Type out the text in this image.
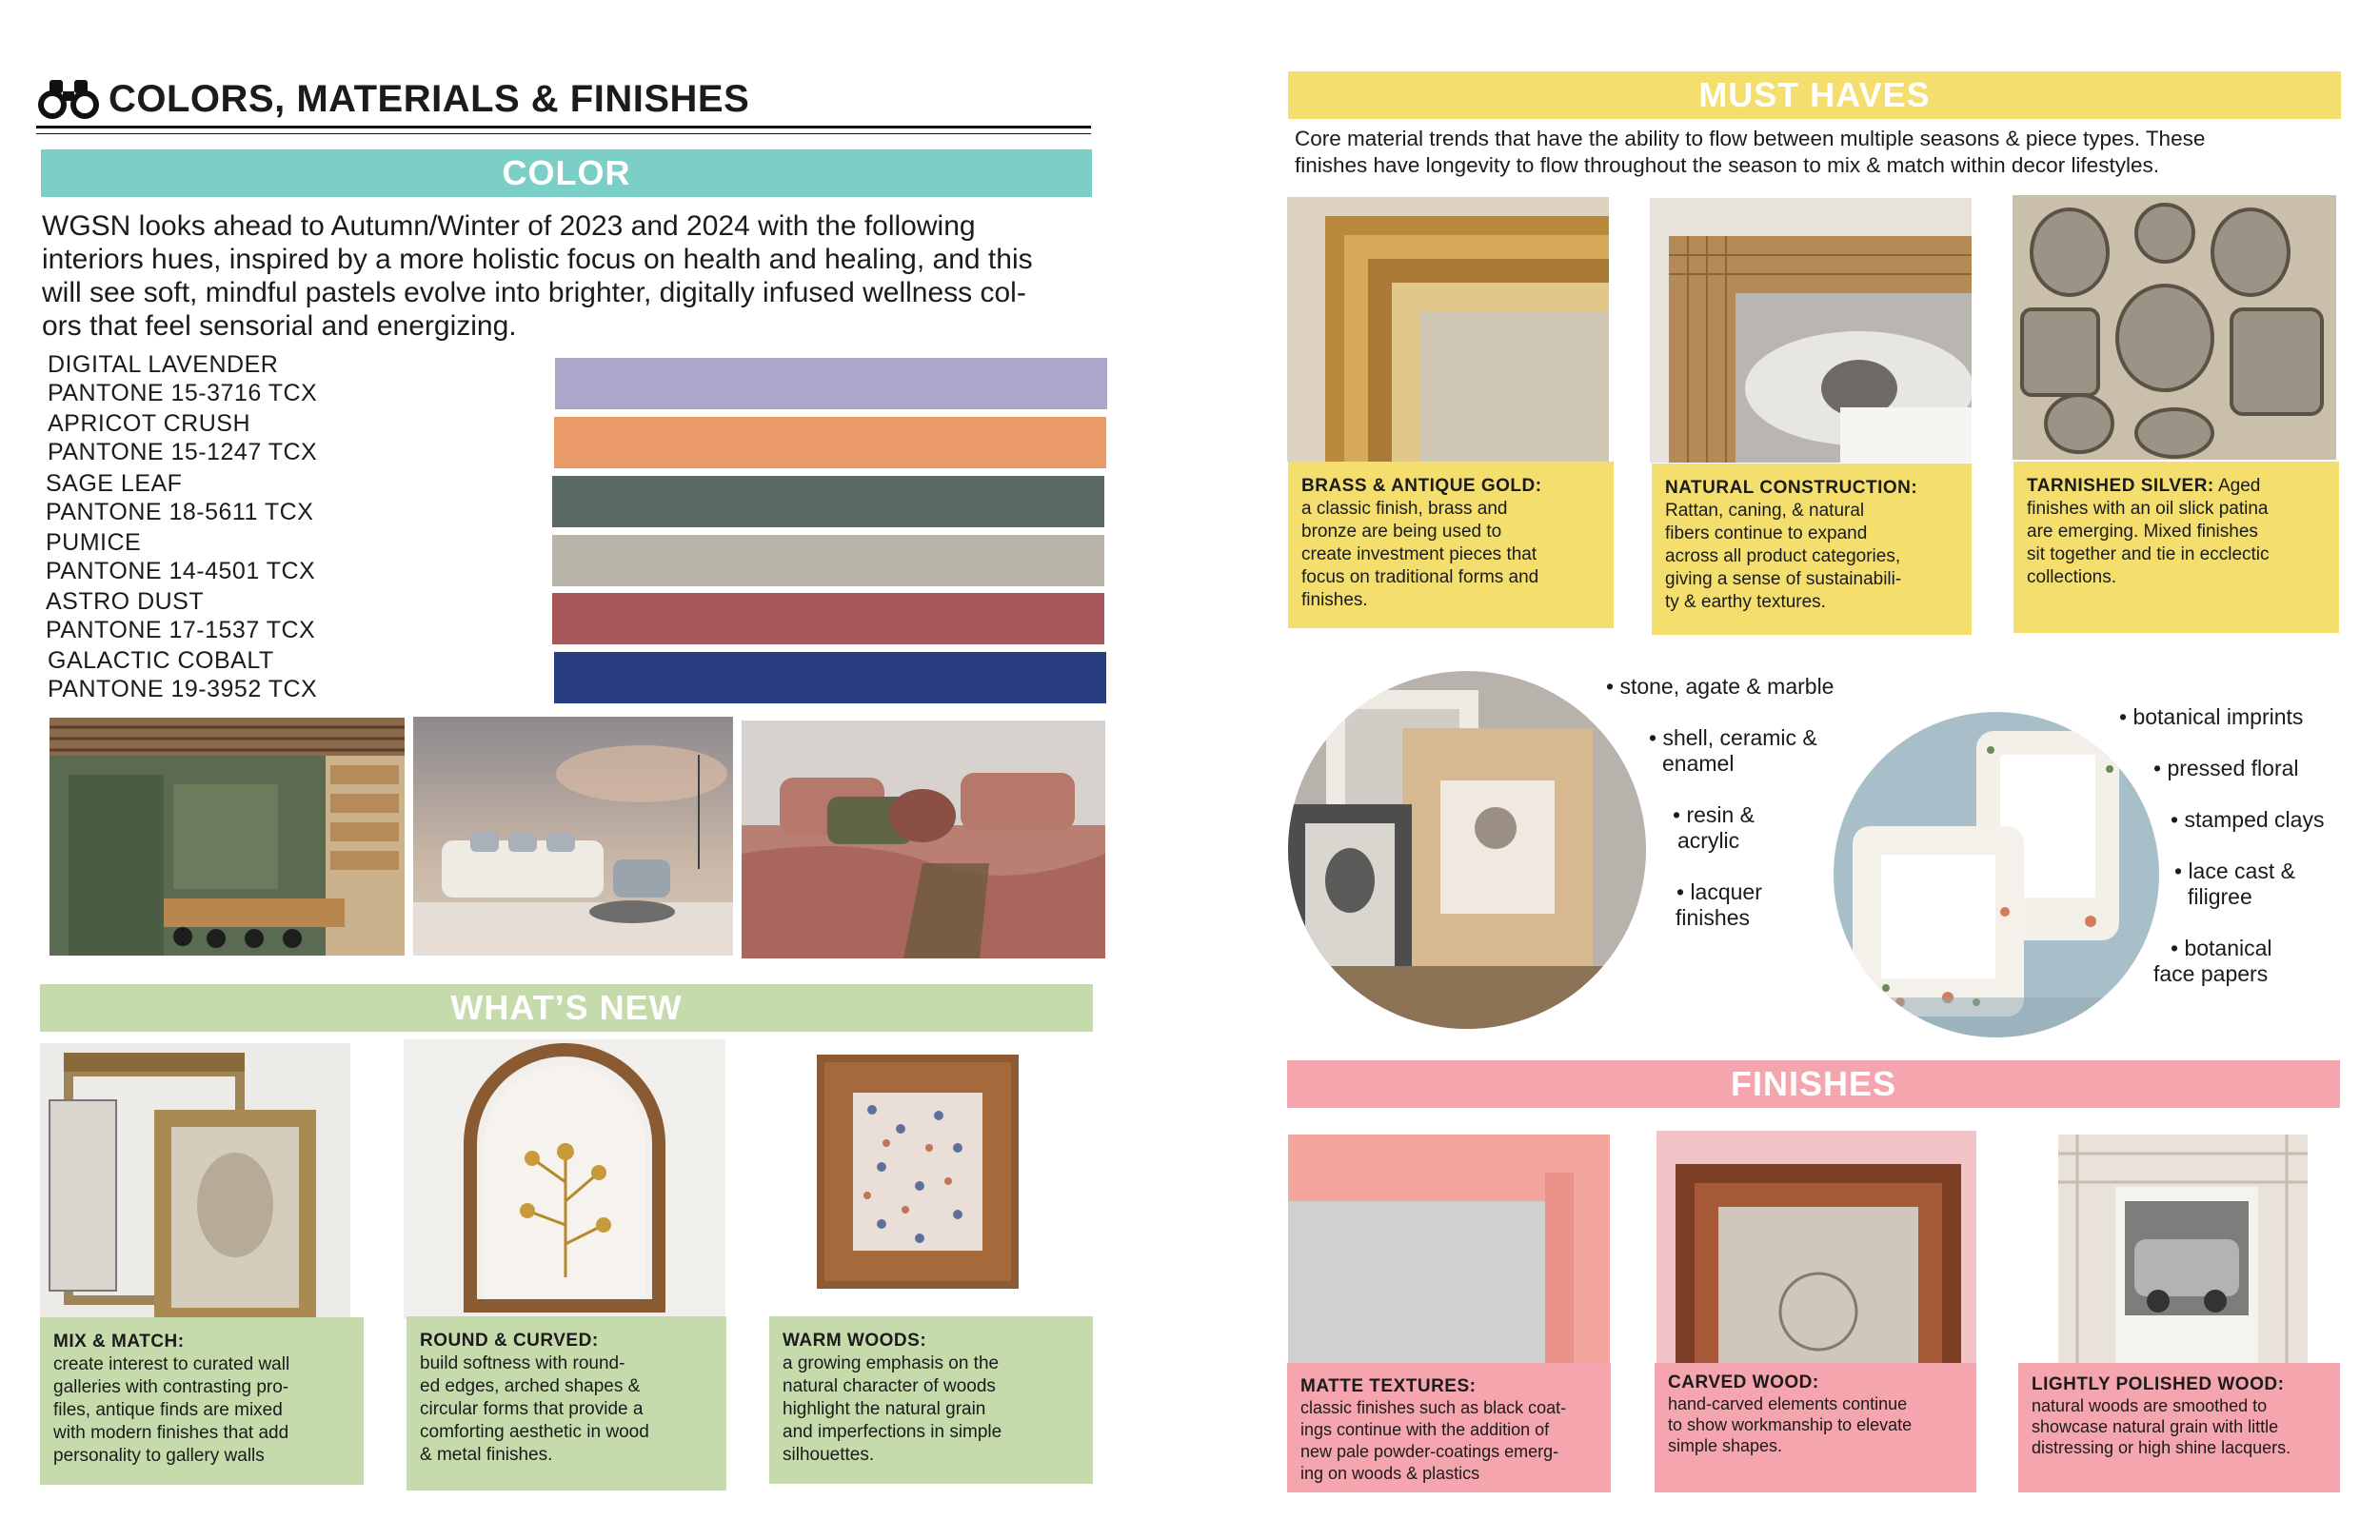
COLORS, MATERIALS & FINISHES
COLOR
WGSN looks ahead to Autumn/Winter of 2023 and 2024 with the following
interiors hues, inspired by a more holistic focus on health and healing, and this
will see soft, mindful pastels evolve into brighter, digitally infused wellness col-
ors that feel sensorial and energizing.
DIGITAL LAVENDER
PANTONE 15-3716 TCX
APRICOT CRUSH
PANTONE 15-1247 TCX
SAGE LEAF
PANTONE 18-5611 TCX
PUMICE
PANTONE 14-4501 TCX
ASTRO DUST
PANTONE 17-1537 TCX
GALACTIC COBALT
PANTONE 19-3952 TCX
WHAT’S NEW
MIX & MATCH:
create interest to curated wall
galleries with contrasting pro-
files, antique finds are mixed
with modern finishes that add
personality to gallery walls
ROUND & CURVED:
build softness with round-
ed edges, arched shapes &
circular forms that provide a
comforting aesthetic in wood
& metal finishes.
WARM WOODS:
a growing emphasis on the
natural character of woods
highlight the natural grain
and imperfections in simple
silhouettes.
MUST HAVES
Core material trends that have the ability to flow between multiple seasons & piece types. These
finishes have longevity to flow throughout the season to mix & match within decor lifestyles.
BRASS & ANTIQUE GOLD:
a classic finish, brass and
bronze are being used to
create investment pieces that
focus on traditional forms and
finishes.
NATURAL CONSTRUCTION:
Rattan, caning, & natural
fibers continue to expand
across all product categories,
giving a sense of sustainabili-
ty & earthy textures.
TARNISHED SILVER: Aged
finishes with an oil slick patina
are emerging. Mixed finishes
sit together and tie in ecclectic
collections.
• stone, agate & marble
• shell, ceramic &
enamel
• resin &
acrylic
• lacquer
finishes
• botanical imprints
• pressed floral
• stamped clays
• lace cast &
filigree
• botanical
face papers
FINISHES
MATTE TEXTURES:
classic finishes such as black coat-
ings continue with the addition of
new pale powder-coatings emerg-
ing on woods & plastics
CARVED WOOD:
hand-carved elements continue
to show workmanship to elevate
simple shapes.
LIGHTLY POLISHED WOOD:
natural woods are smoothed to
showcase natural grain with little
distressing or high shine lacquers.
